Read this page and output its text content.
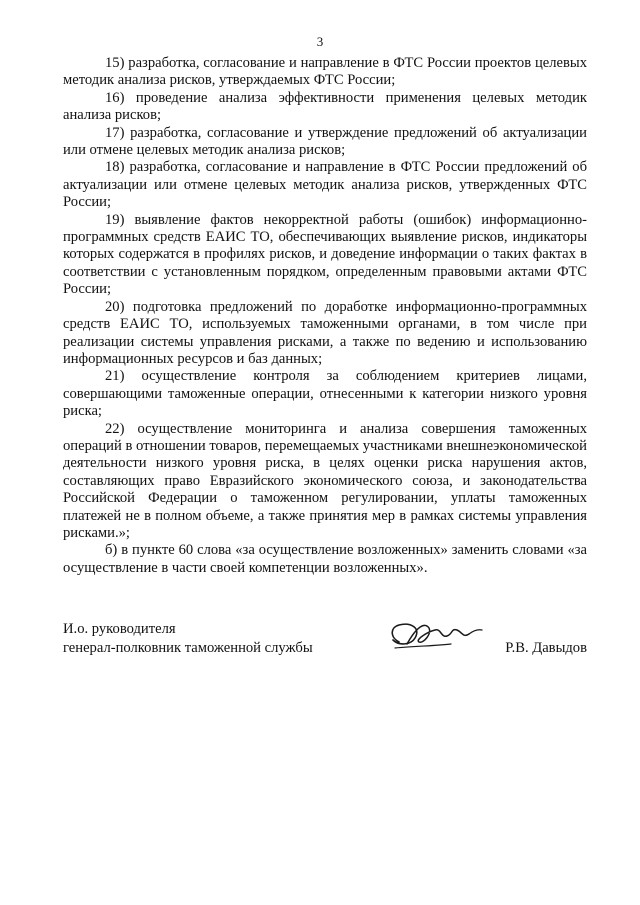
3

15) разработка, согласование и направление в ФТС России проектов целевых методик анализа рисков, утверждаемых ФТС России;

16) проведение анализа эффективности применения целевых методик анализа рисков;

17) разработка, согласование и утверждение предложений об актуализации или отмене целевых методик анализа рисков;

18) разработка, согласование и направление в ФТС России предложений об актуализации или отмене целевых методик анализа рисков, утвержденных ФТС России;

19) выявление фактов некорректной работы (ошибок) информационно-программных средств ЕАИС ТО, обеспечивающих выявление рисков, индикаторы которых содержатся в профилях рисков, и доведение информации о таких фактах в соответствии с установленным порядком, определенным правовыми актами ФТС России;

20) подготовка предложений по доработке информационно-программных средств ЕАИС ТО, используемых таможенными органами, в том числе при реализации системы управления рисками, а также по ведению и использованию информационных ресурсов и баз данных;

21) осуществление контроля за соблюдением критериев лицами, совершающими таможенные операции, отнесенными к категории низкого уровня риска;

22) осуществление мониторинга и анализа совершения таможенных операций в отношении товаров, перемещаемых участниками внешнеэкономической деятельности низкого уровня риска, в целях оценки риска нарушения актов, составляющих право Евразийского экономического союза, и законодательства Российской Федерации о таможенном регулировании, уплаты таможенных платежей не в полном объеме, а также принятия мер в рамках системы управления рисками.»;

б) в пункте 60 слова «за осуществление возложенных» заменить словами «за осуществление в части своей компетенции возложенных».

И.о. руководителя
генерал-полковник таможенной службы	Р.В. Давыдов
